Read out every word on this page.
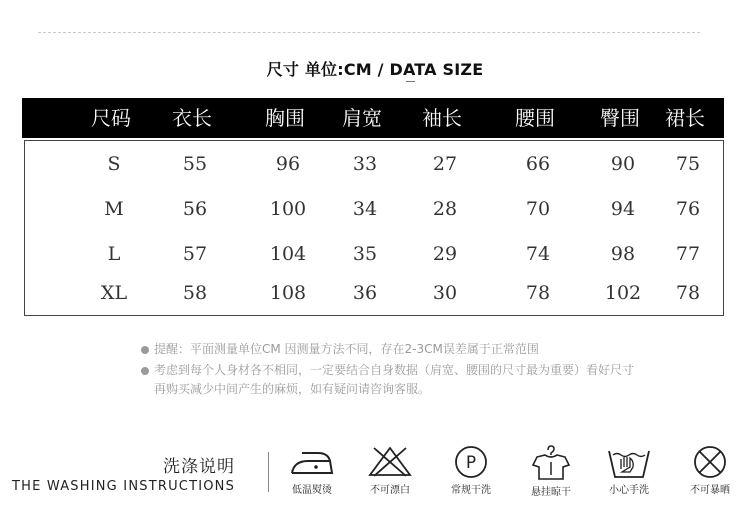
尺寸 单位:CM / DATA SIZE
尺码	衣长	胸围	肩宽	袖长	腰围	臀围	裙长
S	55	96	33	27	66	90	75
M	56	100	34	28	70	94	76
L	57	104	35	29	74	98	77
XL	58	108	36	30	78	102	78
提醒：平面测量单位CM 因测量方法不同，存在2-3CM误差属于正常范围
考虑到每个人身材各不相同，一定要结合自身数据（肩宽、腰围的尺寸最为重要）看好尺寸再购买减少中间产生的麻烦，如有疑问请咨询客服。
洗涤说明
THE WASHING INSTRUCTIONS	低温熨烫	不可漂白
P
常规干洗	悬挂晾干	小心手洗	不可暴晒
